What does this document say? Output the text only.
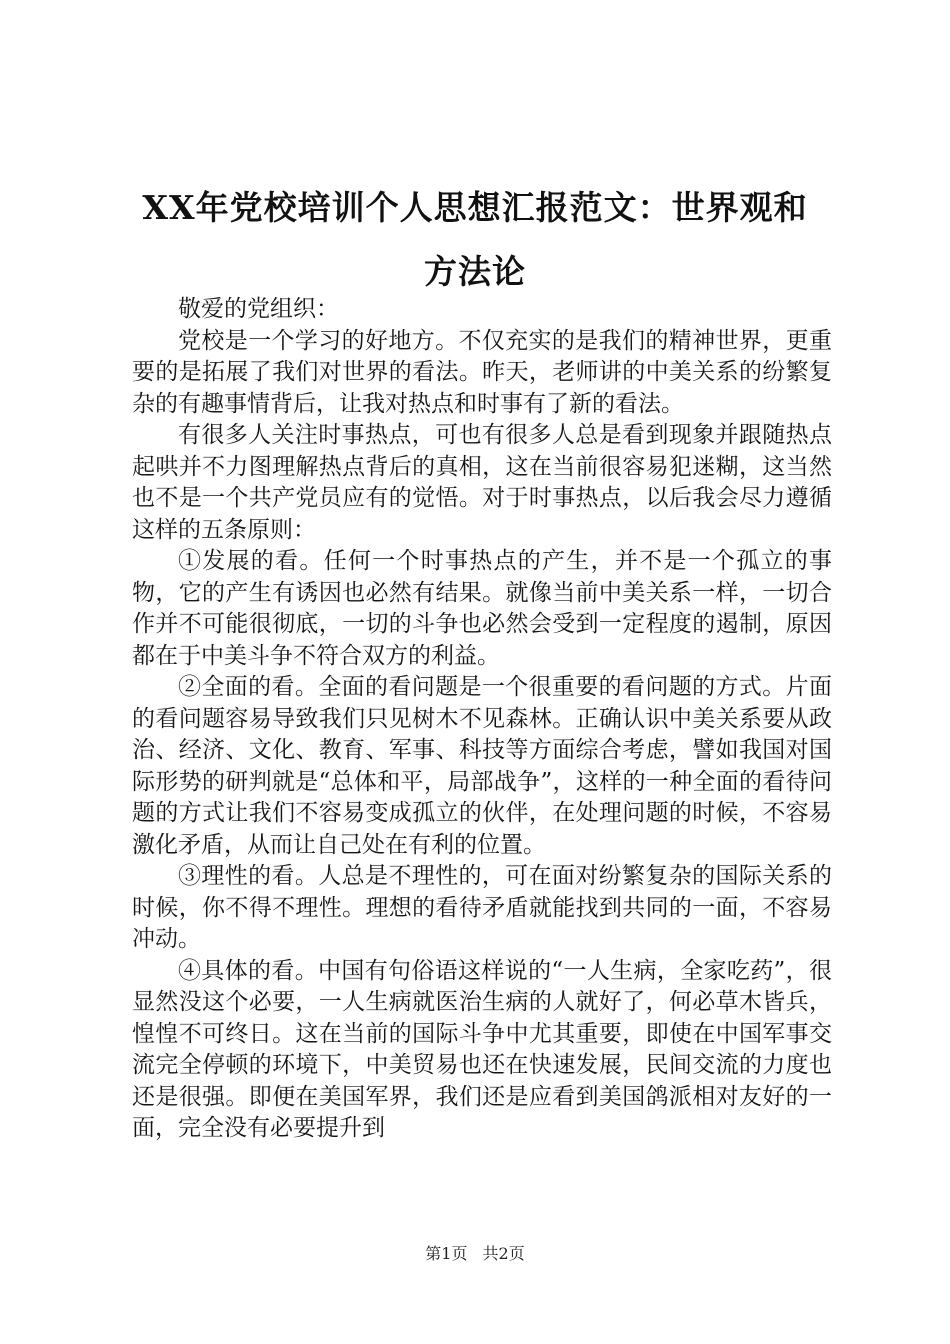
XX年党校培训个人思想汇报范文：世界观和
方法论

敬爱的党组织：

党校是一个学习的好地方。不仅充实的是我们的精神世界，更重要的是拓展了我们对世界的看法。昨天，老师讲的中美关系的纷繁复杂的有趣事情背后，让我对热点和时事有了新的看法。

有很多人关注时事热点，可也有很多人总是看到现象并跟随热点起哄并不力图理解热点背后的真相，这在当前很容易犯迷糊，这当然也不是一个共产党员应有的觉悟。对于时事热点，以后我会尽力遵循这样的五条原则：

①发展的看。任何一个时事热点的产生，并不是一个孤立的事物，它的产生有诱因也必然有结果。就像当前中美关系一样，一切合作并不可能很彻底，一切的斗争也必然会受到一定程度的遏制，原因都在于中美斗争不符合双方的利益。

②全面的看。全面的看问题是一个很重要的看问题的方式。片面的看问题容易导致我们只见树木不见森林。正确认识中美关系要从政治、经济、文化、教育、军事、科技等方面综合考虑，譬如我国对国际形势的研判就是“总体和平，局部战争”，这样的一种全面的看待问题的方式让我们不容易变成孤立的伙伴，在处理问题的时候，不容易激化矛盾，从而让自己处在有利的位置。

③理性的看。人总是不理性的，可在面对纷繁复杂的国际关系的时候，你不得不理性。理想的看待矛盾就能找到共同的一面，不容易冲动。

④具体的看。中国有句俗语这样说的“一人生病，全家吃药”，很显然没这个必要，一人生病就医治生病的人就好了，何必草木皆兵，惶惶不可终日。这在当前的国际斗争中尤其重要，即使在中国军事交流完全停顿的环境下，中美贸易也还在快速发展，民间交流的力度也还是很强。即便在美国军界，我们还是应看到美国鸽派相对友好的一面，完全没有必要提升到

第1页 共2页
